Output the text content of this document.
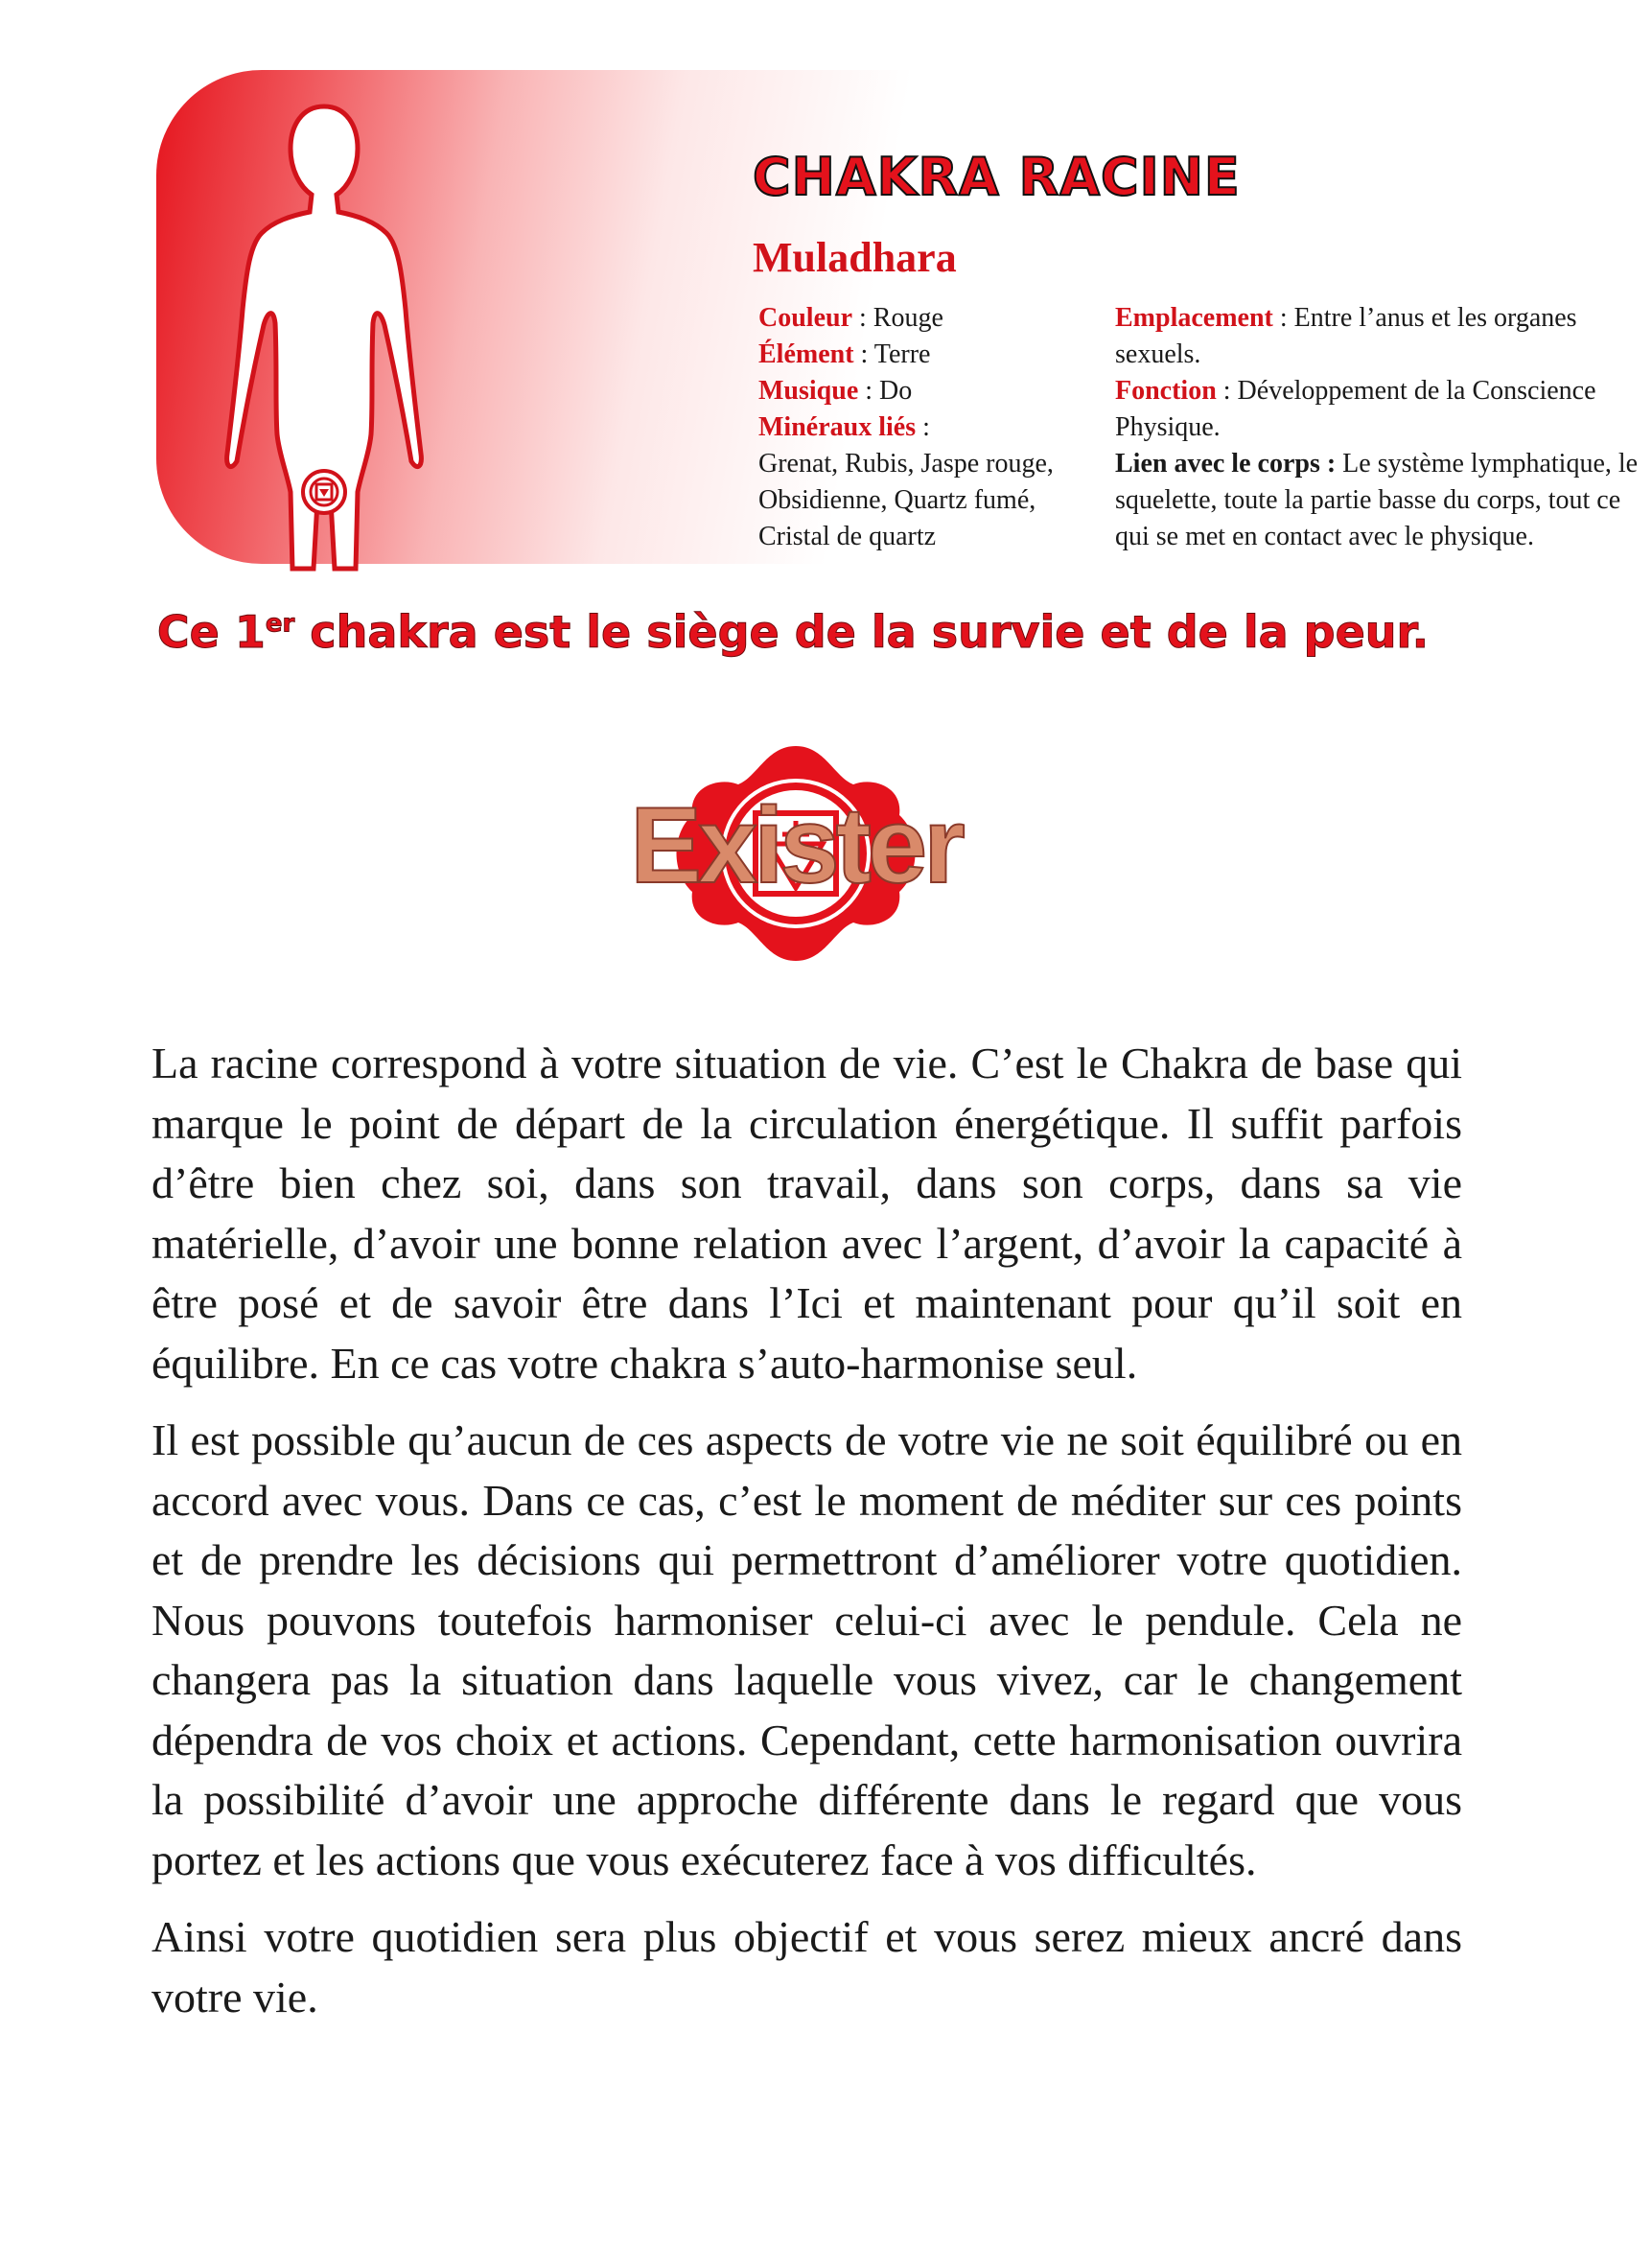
CHAKRA RACINE
Muladhara

Couleur : Rouge

Élément : Terre

Musique : Do

Minéraux liés :

Grenat, Rubis, Jaspe rouge, Obsidienne, Quartz fumé, Cristal de quartz

Emplacement : Entre l’anus et les organes sexuels.

Fonction : Développement de la Conscience Physique.

Lien avec le corps : Le système lymphatique, le squelette, toute la partie basse du corps, tout ce qui se met en contact avec le physique.

Ce 1er chakra est le siège de la survie et de la peur.

Exister

La racine correspond à votre situation de vie. C’est le Chakra de base qui marque le point de départ de la circulation énergétique. Il suffit parfois d’être bien chez soi, dans son travail, dans son corps, dans sa vie matérielle, d’avoir une bonne relation avec l’argent, d’avoir la capacité à être posé et de savoir être dans l’Ici et maintenant pour qu’il soit en équilibre. En ce cas votre chakra s’auto-harmonise seul.

Il est possible qu’aucun de ces aspects de votre vie ne soit équilibré ou en accord avec vous. Dans ce cas, c’est le moment de méditer sur ces points et de prendre les décisions qui permettront d’améliorer votre quotidien. Nous pouvons toutefois harmoniser celui-ci avec le pendule. Cela ne changera pas la situation dans laquelle vous vivez, car le changement dépendra de vos choix et actions. Cependant, cette harmonisation ouvrira la possibilité d’avoir une approche différente dans le regard que vous portez et les actions que vous exécuterez face à vos difficultés.

Ainsi votre quotidien sera plus objectif et vous serez mieux ancré dans votre vie.
